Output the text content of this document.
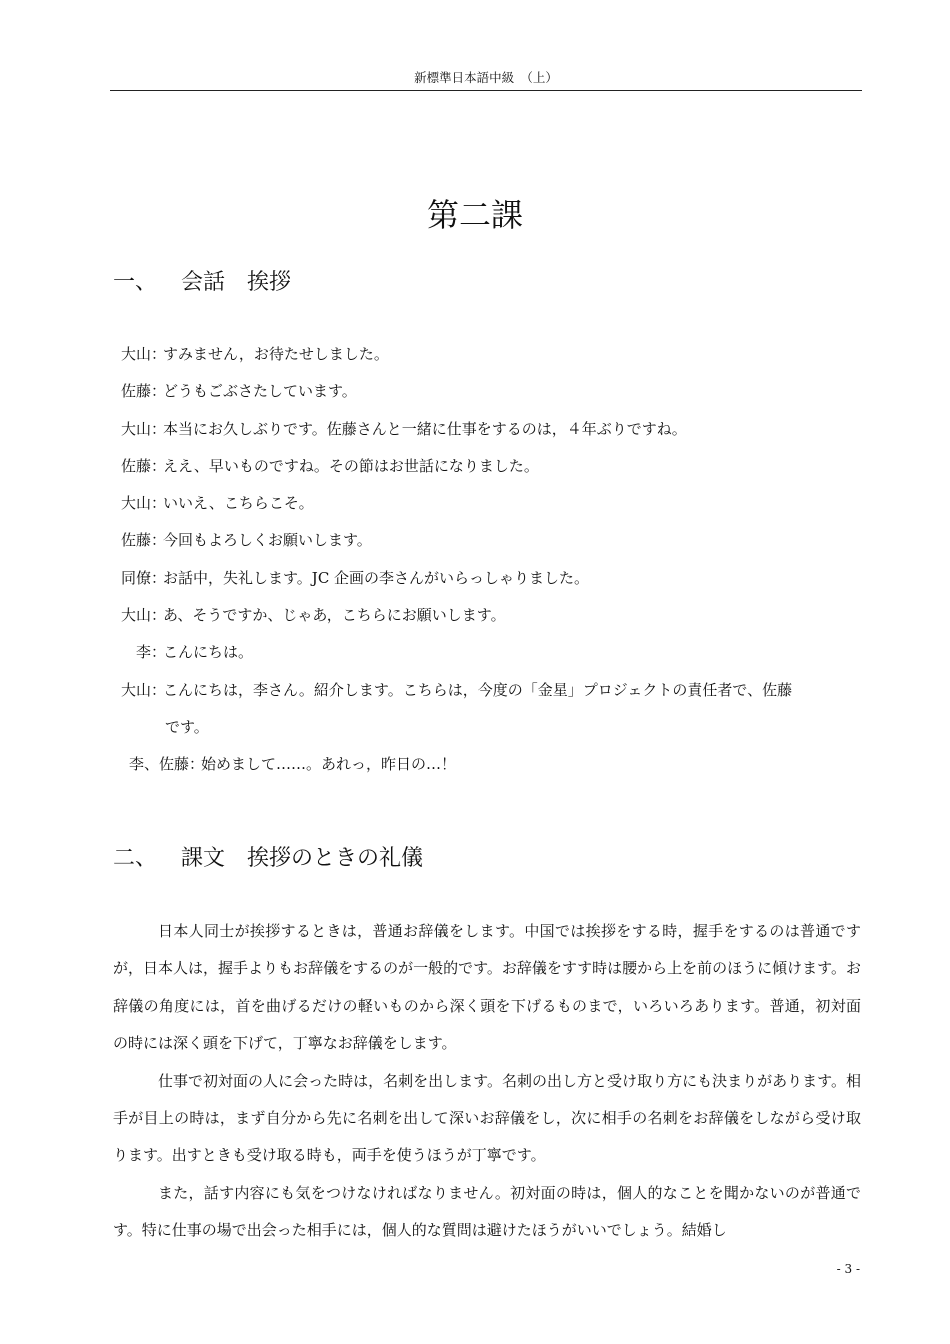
新標準日本語中級　（上）
第二課
一、 会話　挨拶
大山 ：
すみません，お待たせしました。
佐藤 ：
どうもごぶさたしています。
大山 ：
本当にお久しぶりです。佐藤さんと一緒に仕事をするのは，４年ぶりですね。
佐藤 ：
ええ、早いものですね。その節はお世話になりました。
大山 ：
いいえ、こちらこそ。
佐藤 ：
今回もよろしくお願いします。
同僚 ：
お話中，失礼します。JC 企画の李さんがいらっしゃりました。
大山 ：
あ、そうですか、じゃあ，こちらにお願いします。
李 ：
こんにちは。
大山 ：
こんにちは，李さん。紹介します。こちらは，今度の「金星」プロジェクトの責任者で、佐藤
です。
李、佐藤 ：
始めまして……。あれっ，昨日の…！
二、 課文　挨拶のときの礼儀

日本人同士が挨拶するときは，普通お辞儀をします。中国では挨拶をする時，握手をするのは普通ですが，日本人は，握手よりもお辞儀をするのが一般的です。お辞儀をすす時は腰から上を前のほうに傾けます。お辞儀の角度には，首を曲げるだけの軽いものから深く頭を下げるものまで，いろいろあります。普通，初対面の時には深く頭を下げて，丁寧なお辞儀をします。

仕事で初対面の人に会った時は，名刺を出します。名刺の出し方と受け取り方にも決まりがあります。相手が目上の時は，まず自分から先に名刺を出して深いお辞儀をし，次に相手の名刺をお辞儀をしながら受け取ります。出すときも受け取る時も，両手を使うほうが丁寧です。

また，話す内容にも気をつけなければなりません。初対面の時は，個人的なことを聞かないのが普通です。特に仕事の場で出会った相手には，個人的な質問は避けたほうがいいでしょう。結婚し

- 3 -
